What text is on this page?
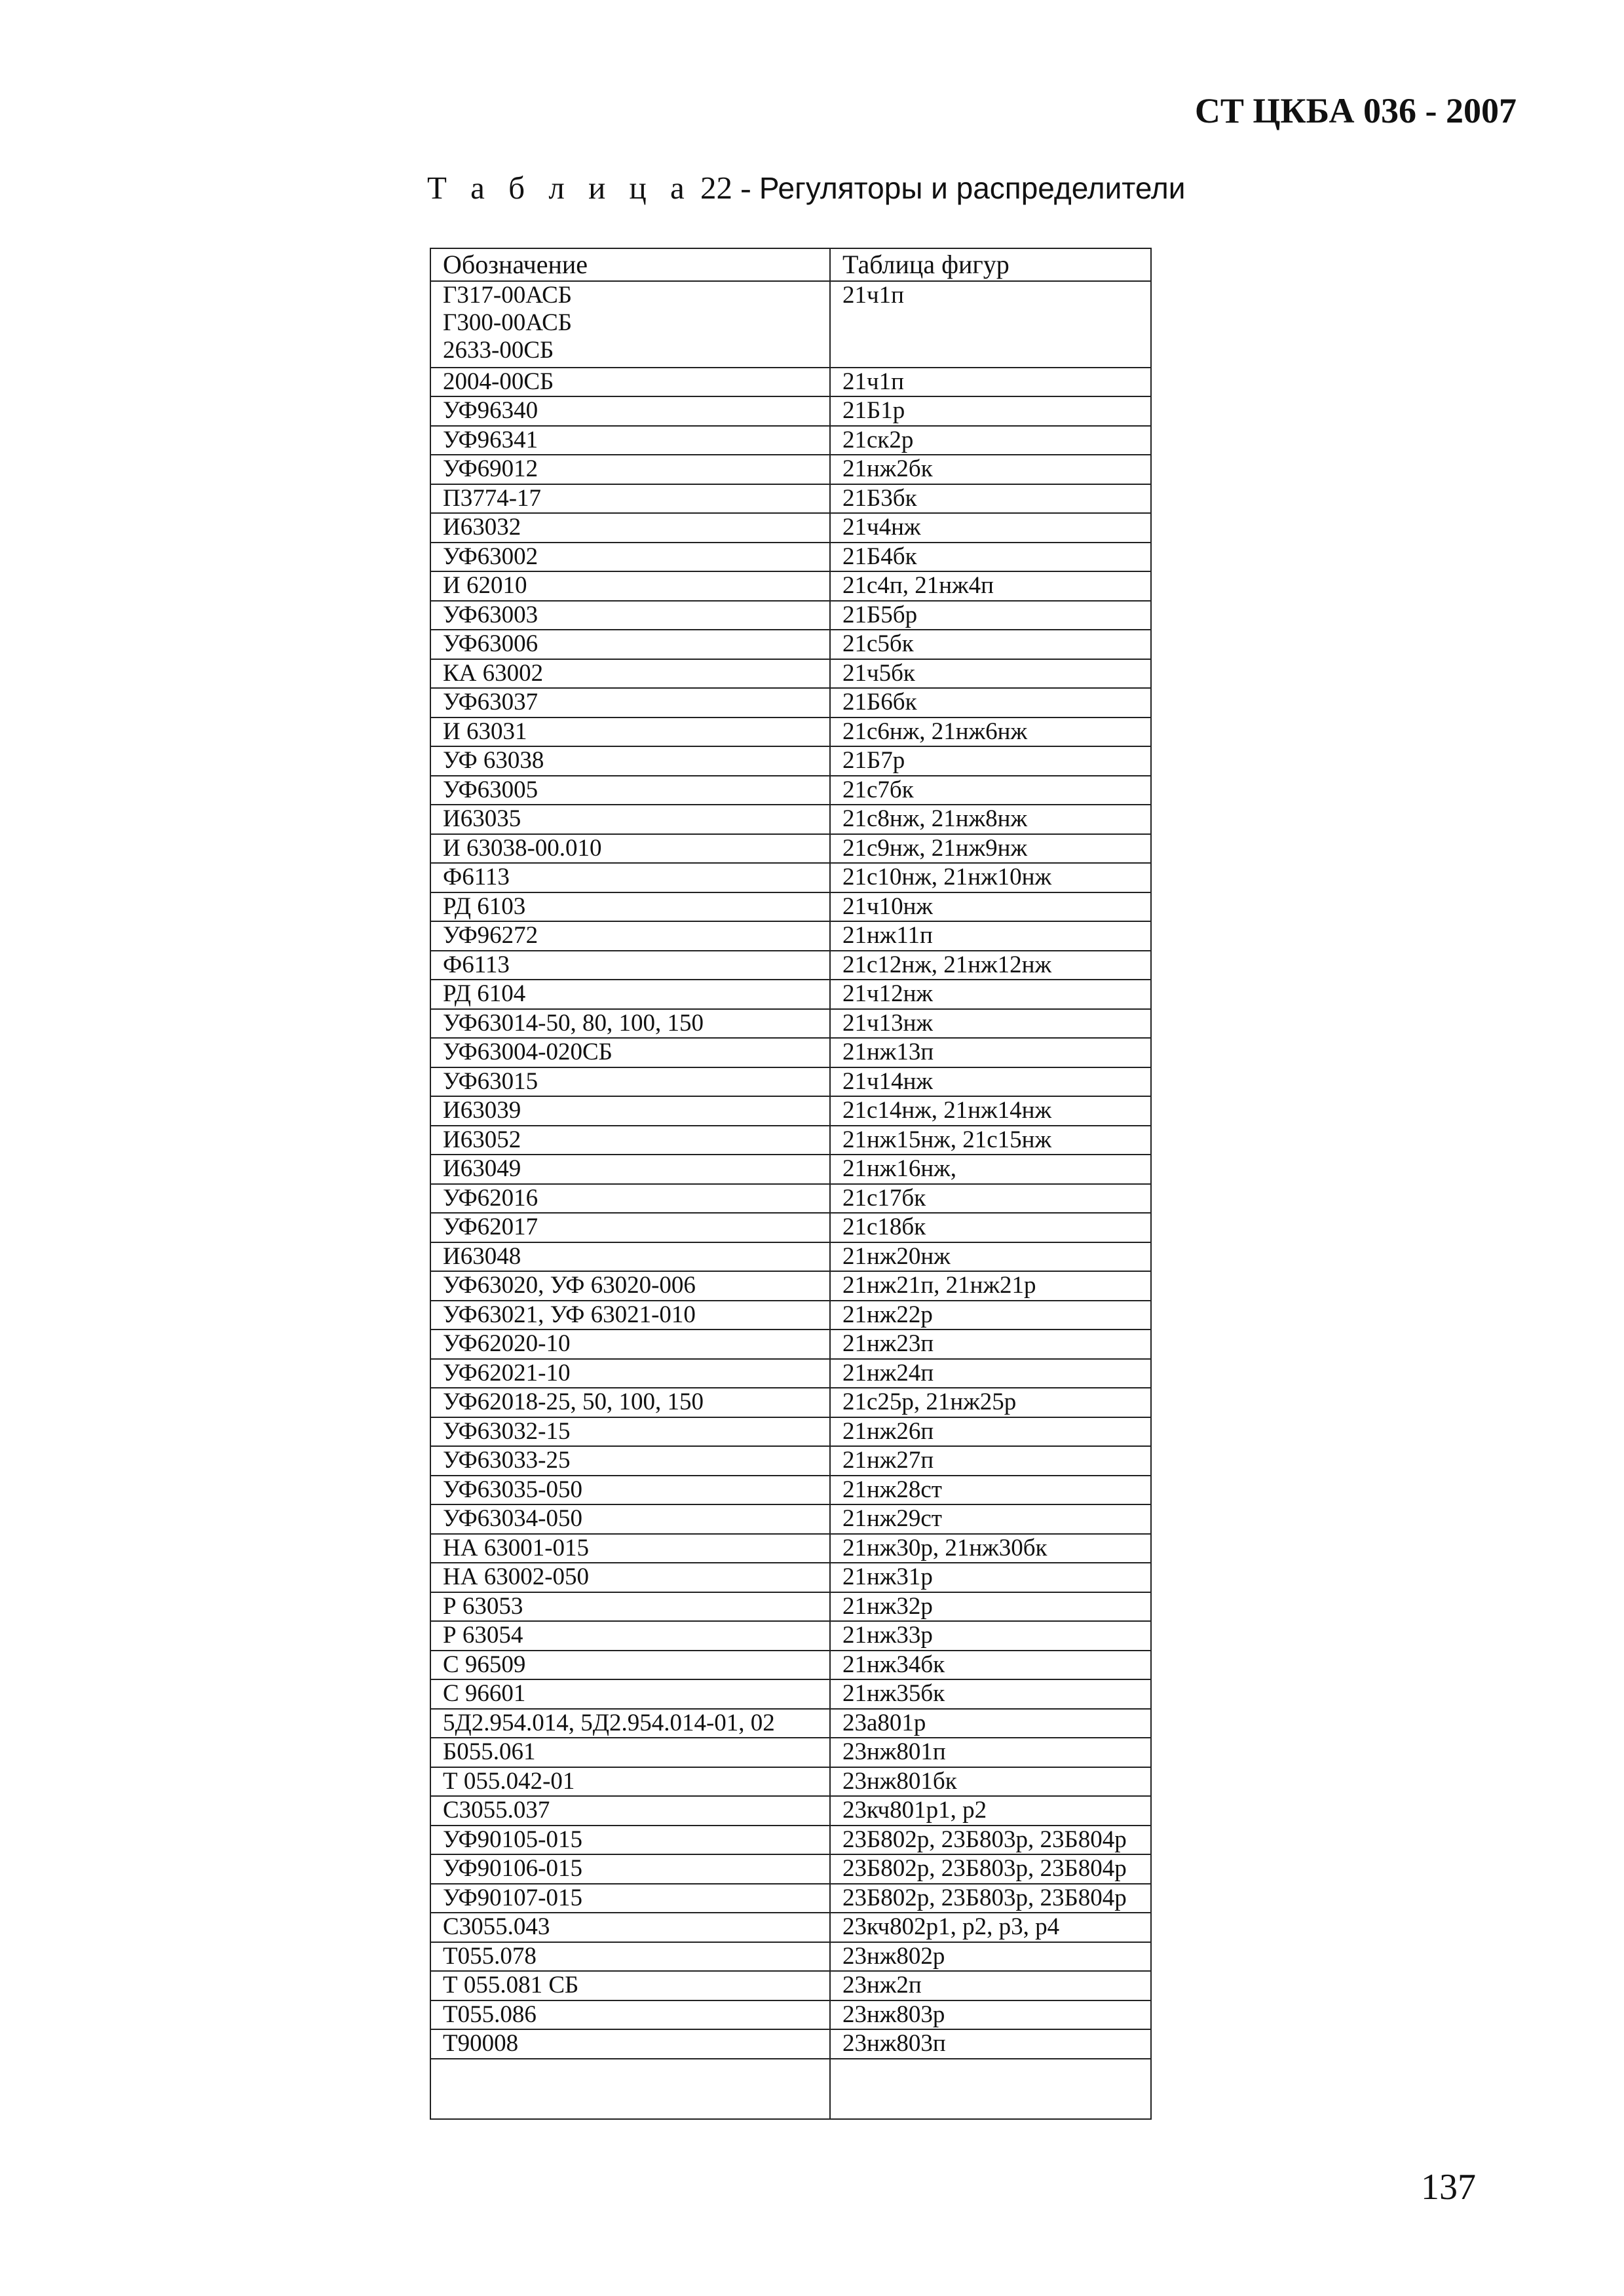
СТ ЦКБА 036 - 2007

Т а б л и ц а 22 - Регуляторы и распределители

Обозначение	Таблица фигур
Г317-00АСБ
Г300-00АСБ
2633-00СБ	21ч1п
2004-00СБ	21ч1п
УФ96340	21Б1р
УФ96341	21ск2р
УФ69012	21нж2бк
П3774-17	21Б3бк
И63032	21ч4нж
УФ63002	21Б4бк
И 62010	21с4п, 21нж4п
УФ63003	21Б5бр
УФ63006	21с5бк
КА 63002	21ч5бк
УФ63037	21Б6бк
И 63031	21с6нж, 21нж6нж
УФ 63038	21Б7р
УФ63005	21с7бк
И63035	21с8нж, 21нж8нж
И 63038-00.010	21с9нж, 21нж9нж
Ф6113	21с10нж, 21нж10нж
РД 6103	21ч10нж
УФ96272	21нж11п
Ф6113	21с12нж, 21нж12нж
РД 6104	21ч12нж
УФ63014-50, 80, 100, 150	21ч13нж
УФ63004-020СБ	21нж13п
УФ63015	21ч14нж
И63039	21с14нж, 21нж14нж
И63052	21нж15нж, 21с15нж
И63049	21нж16нж,
УФ62016	21с17бк
УФ62017	21с18бк
И63048	21нж20нж
УФ63020, УФ 63020-006	21нж21п, 21нж21р
УФ63021, УФ 63021-010	21нж22р
УФ62020-10	21нж23п
УФ62021-10	21нж24п
УФ62018-25, 50, 100, 150	21с25р, 21нж25р
УФ63032-15	21нж26п
УФ63033-25	21нж27п
УФ63035-050	21нж28ст
УФ63034-050	21нж29ст
НА 63001-015	21нж30р, 21нж30бк
НА 63002-050	21нж31р
Р 63053	21нж32р
Р 63054	21нж33р
С 96509	21нж34бк
С 96601	21нж35бк
5Д2.954.014, 5Д2.954.014-01, 02	23а801р
Б055.061	23нж801п
Т 055.042-01	23нж801бк
С3055.037	23кч801р1, р2
УФ90105-015	23Б802р, 23Б803р, 23Б804р
УФ90106-015	23Б802р, 23Б803р, 23Б804р
УФ90107-015	23Б802р, 23Б803р, 23Б804р
С3055.043	23кч802р1, р2, р3, р4
Т055.078	23нж802р
Т 055.081 СБ	23нж2п
Т055.086	23нж803р
Т90008	23нж803п

137
